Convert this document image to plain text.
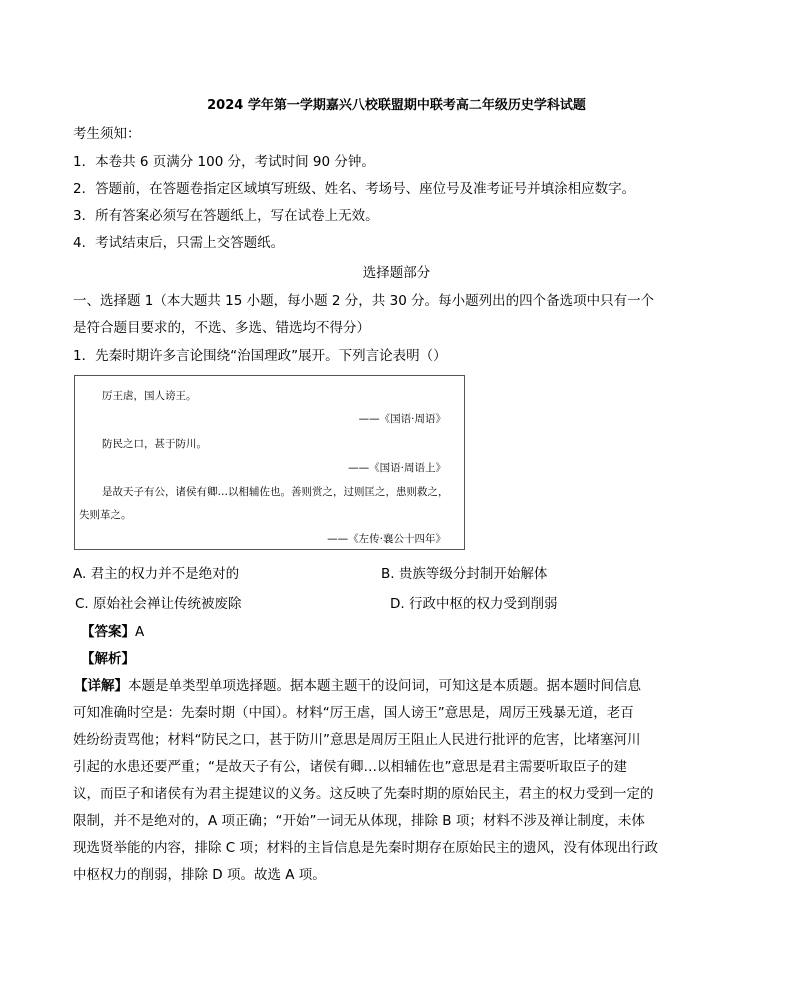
2024 学年第一学期嘉兴八校联盟期中联考高二年级历史学科试题
考生须知：
1．本卷共 6 页满分 100 分，考试时间 90 分钟。
2．答题前，在答题卷指定区域填写班级、姓名、考场号、座位号及准考证号并填涂相应数字。
3．所有答案必须写在答题纸上，写在试卷上无效。
4．考试结束后，只需上交答题纸。
选择题部分
一、选择题 1（本大题共 15 小题，每小题 2 分，共 30 分。每小题列出的四个备选项中只有一个
是符合题目要求的，不选、多选、错选均不得分）
1．先秦时期许多言论围绕“治国理政”展开。下列言论表明（）
厉王虐，国人谤王。
——《国语·周语》
防民之口，甚于防川。
——《国语·周语上》
是故天子有公，诸侯有卿…以相辅佐也。善则赏之，过则匡之，患则救之，
失则革之。
——《左传·襄公十四年》
A. 君主的权力并不是绝对的	B. 贵族等级分封制开始解体
C. 原始社会禅让传统被废除	D. 行政中枢的权力受到削弱
【答案】A
【解析】
【详解】本题是单类型单项选择题。据本题主题干的设问词，可知这是本质题。据本题时间信息
可知准确时空是：先秦时期（中国）。材料“厉王虐，国人谤王”意思是，周厉王残暴无道，老百
姓纷纷责骂他；材料“防民之口，甚于防川”意思是周厉王阻止人民进行批评的危害，比堵塞河川
引起的水患还要严重；“是故天子有公，诸侯有卿…以相辅佐也”意思是君主需要听取臣子的建
议，而臣子和诸侯有为君主提建议的义务。这反映了先秦时期的原始民主，君主的权力受到一定的
限制，并不是绝对的，A 项正确；“开始”一词无从体现，排除 B 项；材料不涉及禅让制度，未体
现选贤举能的内容，排除 C 项；材料的主旨信息是先秦时期存在原始民主的遗风，没有体现出行政
中枢权力的削弱，排除 D 项。故选 A 项。
